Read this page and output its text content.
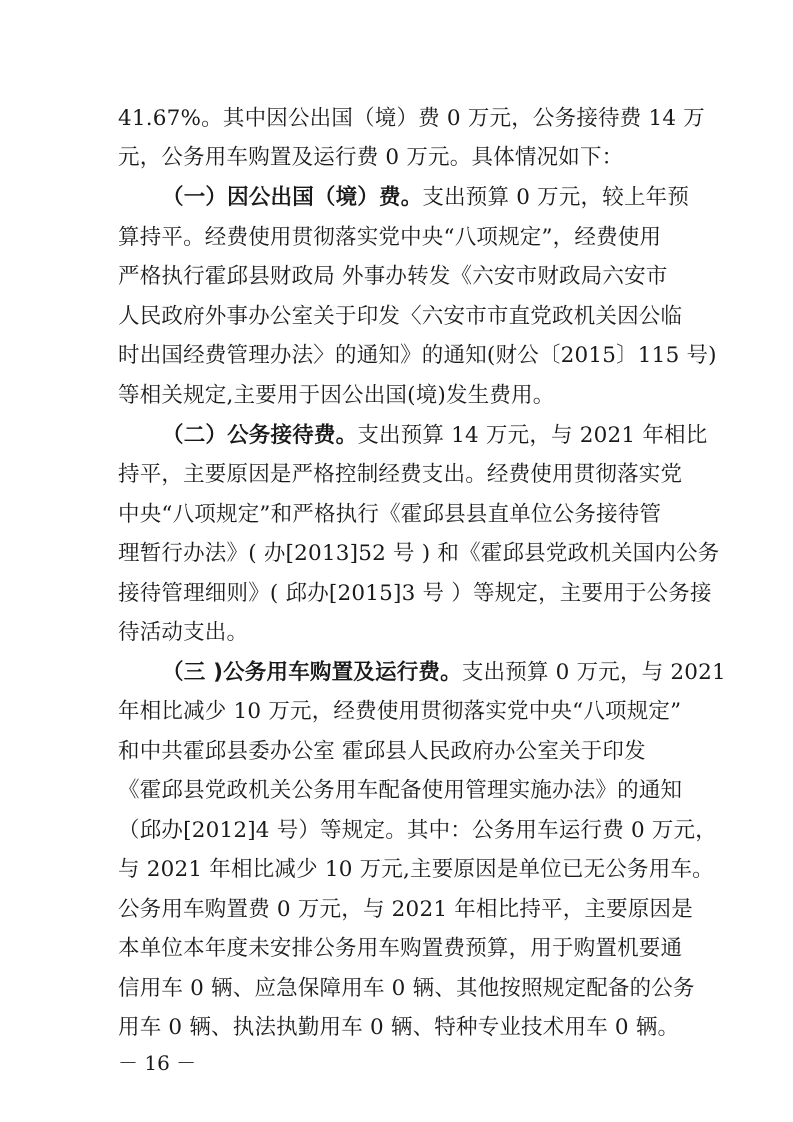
41.67%。其中因公出国（境）费 0 万元，公务接待费 14 万
元，公务用车购置及运行费 0 万元。具体情况如下：
（一）因公出国（境）费。支出预算 0 万元，较上年预
算持平。经费使用贯彻落实党中央“八项规定”，经费使用
严格执行霍邱县财政局 外事办转发《六安市财政局六安市
人民政府外事办公室关于印发〈六安市市直党政机关因公临
时出国经费管理办法〉的通知》的通知(财公〔2015〕115 号)
等相关规定,主要用于因公出国(境)发生费用。
（二）公务接待费。支出预算 14 万元，与 2021 年相比
持平，主要原因是严格控制经费支出。经费使用贯彻落实党
中央“八项规定”和严格执行《霍邱县县直单位公务接待管
理暂行办法》( 办[2013]52 号 ) 和《霍邱县党政机关国内公务
接待管理细则》( 邱办[2015]3 号 ）等规定，主要用于公务接
待活动支出。
（三 )公务用车购置及运行费。支出预算 0 万元，与 2021
年相比减少 10 万元，经费使用贯彻落实党中央“八项规定”
和中共霍邱县委办公室 霍邱县人民政府办公室关于印发
《霍邱县党政机关公务用车配备使用管理实施办法》的通知
（邱办[2012]4 号）等规定。其中：公务用车运行费 0 万元，
与 2021 年相比减少 10 万元,主要原因是单位已无公务用车。
公务用车购置费 0 万元，与 2021 年相比持平，主要原因是
本单位本年度未安排公务用车购置费预算，用于购置机要通
信用车 0 辆、应急保障用车 0 辆、其他按照规定配备的公务
用车 0 辆、执法执勤用车 0 辆、特种专业技术用车 0 辆。
－ 16 －
